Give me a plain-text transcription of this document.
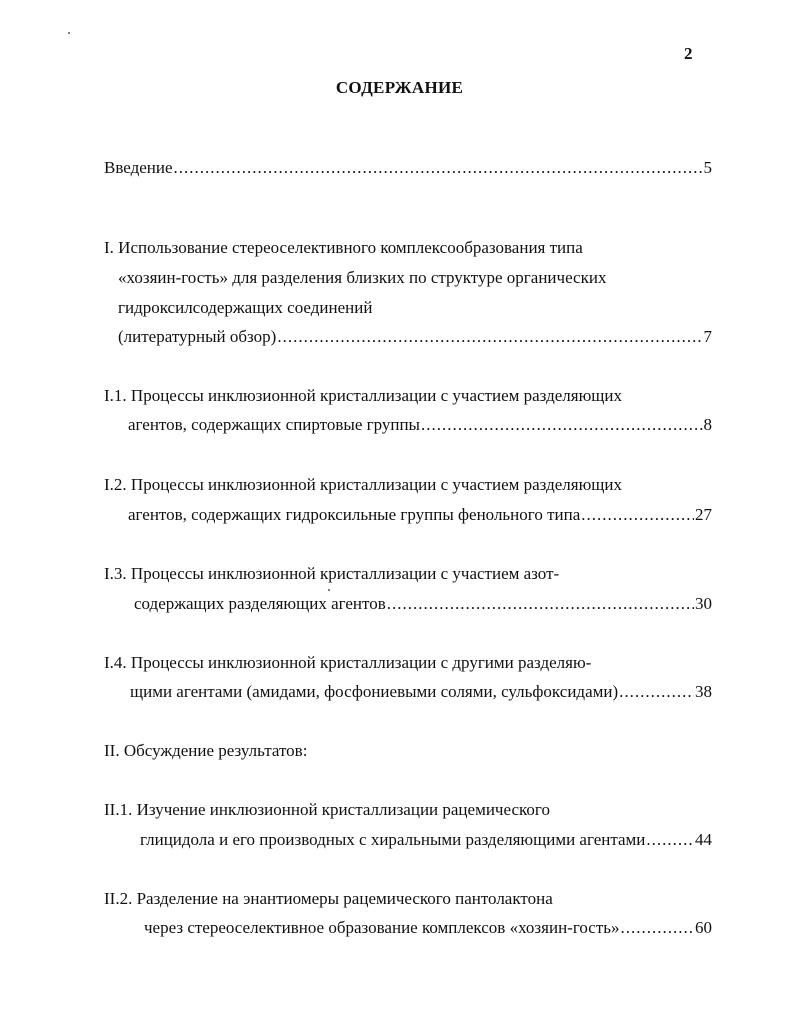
2
СОДЕРЖАНИЕ
Введение .....	5
I. Использование стереоселективного комплексообразования типа
«хозяин-гость» для разделения близких по структуре органических
гидроксилсодержащих соединений
(литературный обзор) .....	7
I.1. Процессы инклюзионной кристаллизации с участием разделяющих
агентов, содержащих спиртовые группы .....	8
I.2. Процессы инклюзионной кристаллизации с участием разделяющих
агентов, содержащих гидроксильные группы фенольного типа .....	27
I.3. Процессы инклюзионной кристаллизации с участием азот-
содержащих разделяющих агентов .....	30
I.4. Процессы инклюзионной кристаллизации с другими разделяю-
щими агентами (амидами, фосфониевыми солями, сульфоксидами) .....	38
II. Обсуждение результатов:
II.1. Изучение инклюзионной кристаллизации рацемического
глицидола и его производных с хиральными разделяющими агентами .....	44
II.2. Разделение на энантиомеры рацемического пантолактона
через стереоселективное образование комплексов «хозяин-гость» .....	60
